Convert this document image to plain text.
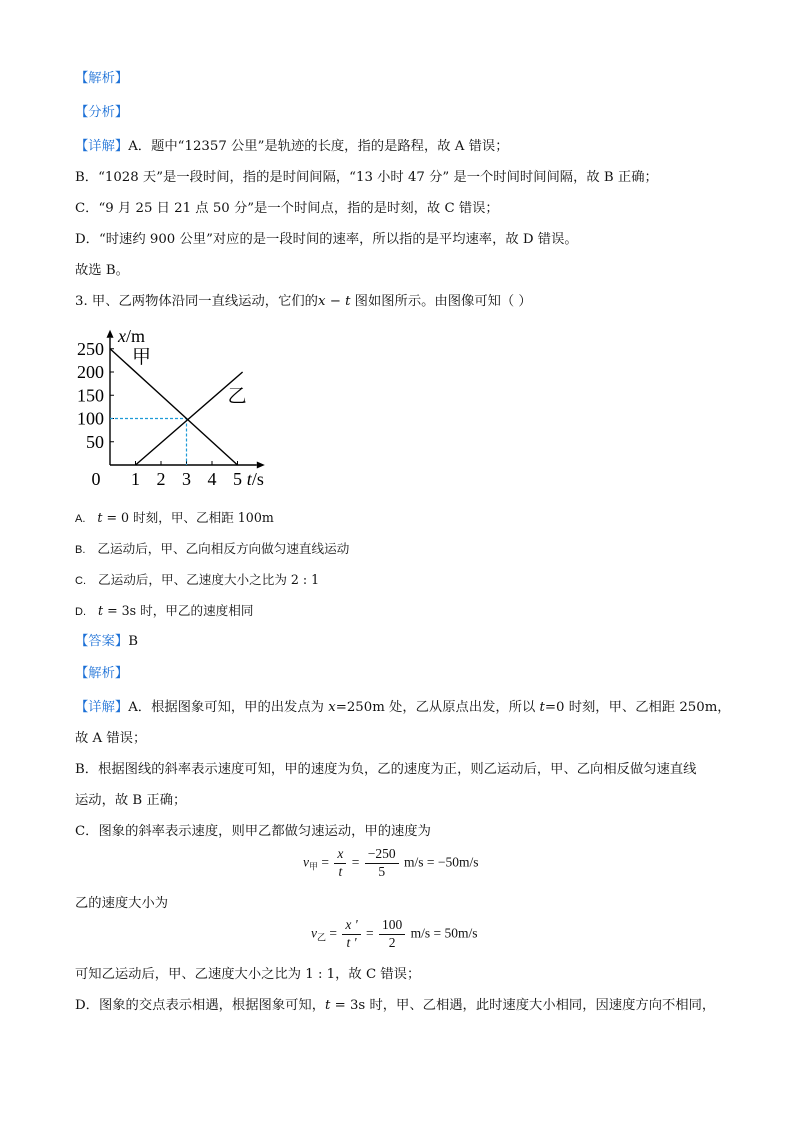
【解析】
【分析】
【详解】A．题中“12357 公里”是轨迹的长度，指的是路程，故 A 错误；
B．“1028 天”是一段时间，指的是时间间隔，“13 小时 47 分” 是一个时间时间间隔，故 B 正确；
C．“9 月 25 日 21 点 50 分”是一个时间点，指的是时刻，故 C 错误；
D．“时速约 900 公里”对应的是一段时间的速率，所以指的是平均速率，故 D 错误。
故选 B。
3. 甲、乙两物体沿同一直线运动，它们的x − t 图如图所示。由图像可知（ ）
1 2 3 4 5
50
100
150
200
250
0
x/m
t/s
甲
乙
A. t = 0 时刻，甲、乙相距 100m
B. 乙运动后，甲、乙向相反方向做匀速直线运动
C. 乙运动后，甲、乙速度大小之比为 2 : 1
D. t = 3s 时，甲乙的速度相同
【答案】B
【解析】
【详解】A．根据图象可知，甲的出发点为 x=250m 处，乙从原点出发，所以 t=0 时刻，甲、乙相距 250m，
故 A 错误；
B．根据图线的斜率表示速度可知，甲的速度为负，乙的速度为正，则乙运动后，甲、乙向相反做匀速直线
运动，故 B 正确；
C．图象的斜率表示速度，则甲乙都做匀速运动，甲的速度为
$v_甲 = \frac{x}{t} = \frac{-250}{5} m/s = -50m/s$
乙的速度大小为
$v_乙 = \frac{x '}{t '} = \frac{100}{2} m/s = 50m/s$
可知乙运动后，甲、乙速度大小之比为 1 : 1，故 C 错误；
D．图象的交点表示相遇，根据图象可知，t = 3s 时，甲、乙相遇，此时速度大小相同，因速度方向不相同，
